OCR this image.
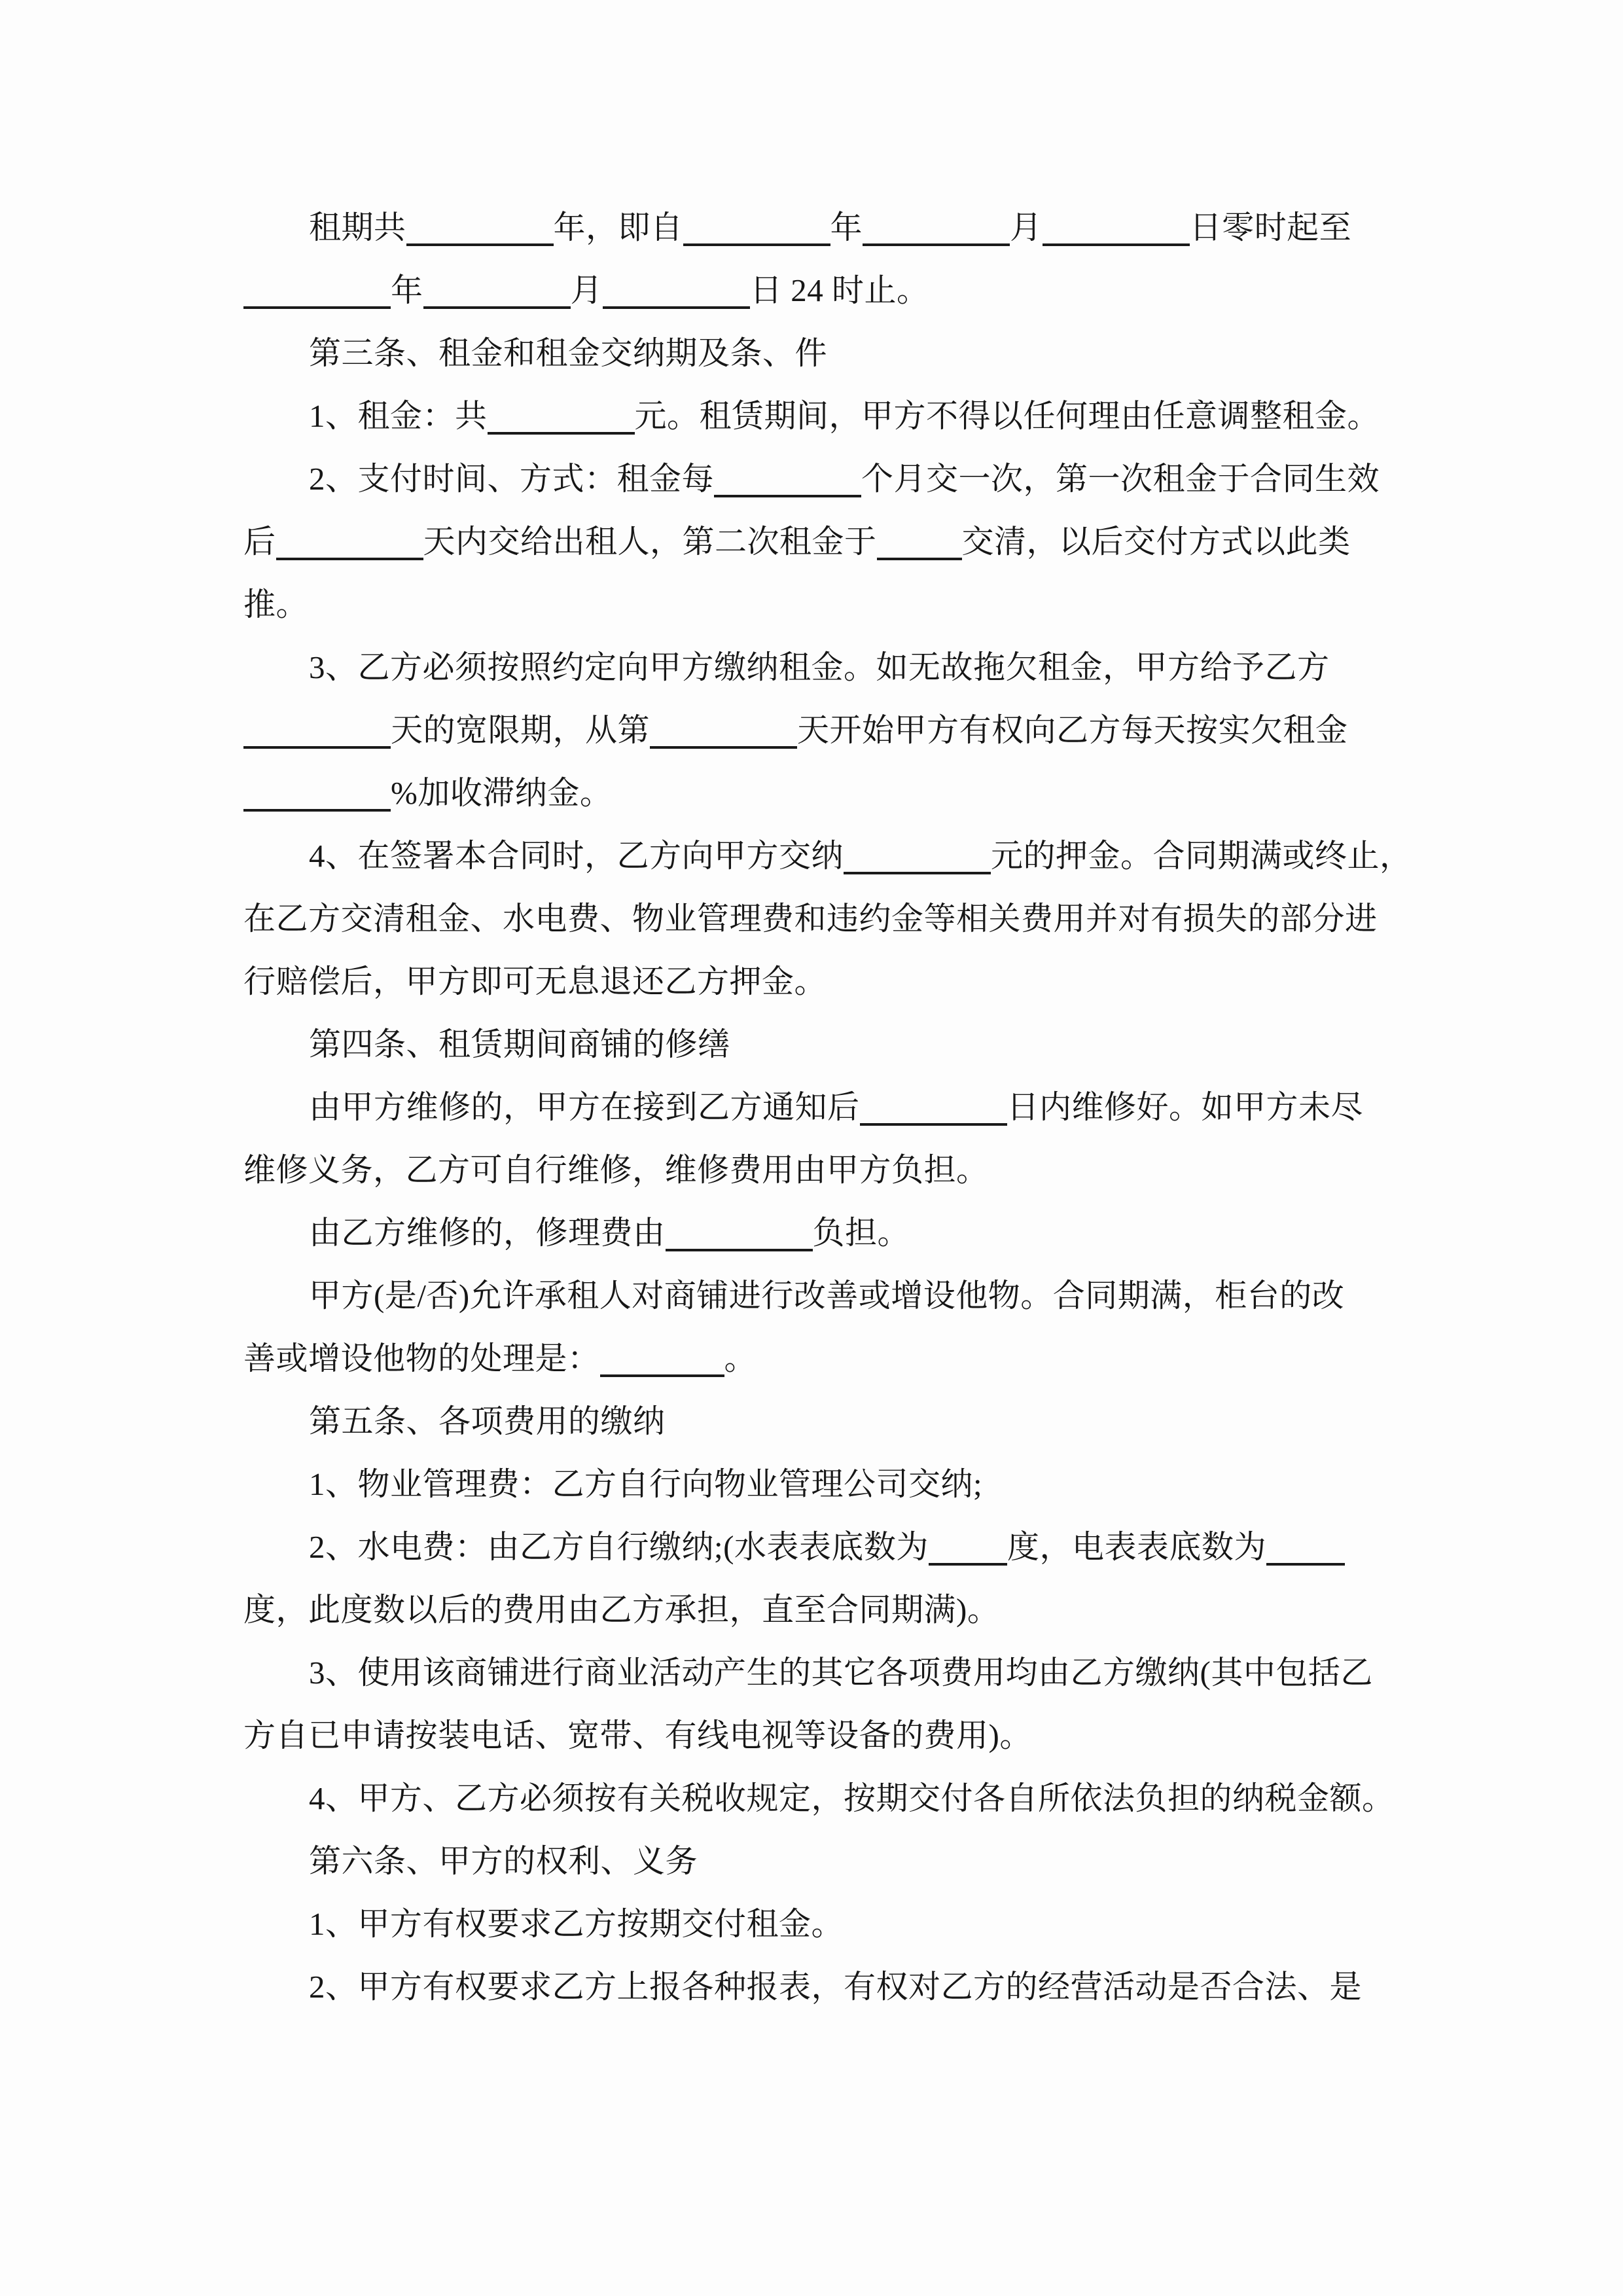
租期共	年，即自	年	月	日零时起至
年	月	日 24 时止。
第三条、租金和租金交纳期及条、件
1、租金：共	元。租赁期间，甲方不得以任何理由任意调整租金。
2、支付时间、方式：租金每	个月交一次，第一次租金于合同生效
后	天内交给出租人，第二次租金于	交清，以后交付方式以此类
推。
3、乙方必须按照约定向甲方缴纳租金。如无故拖欠租金，甲方给予乙方
天的宽限期，从第	天开始甲方有权向乙方每天按实欠租金
%加收滞纳金。
4、在签署本合同时，乙方向甲方交纳	元的押金。合同期满或终止，
在乙方交清租金、水电费、物业管理费和违约金等相关费用并对有损失的部分进
行赔偿后，甲方即可无息退还乙方押金。
第四条、租赁期间商铺的修缮
由甲方维修的，甲方在接到乙方通知后	日内维修好。如甲方未尽
维修义务，乙方可自行维修，维修费用由甲方负担。
由乙方维修的，修理费由	负担。
甲方(是/否)允许承租人对商铺进行改善或增设他物。合同期满，柜台的改
善或增设他物的处理是：	。
第五条、各项费用的缴纳
1、物业管理费：乙方自行向物业管理公司交纳;
2、水电费：由乙方自行缴纳;(水表表底数为 度，电表表底数为
度，此度数以后的费用由乙方承担，直至合同期满)。
3、使用该商铺进行商业活动产生的其它各项费用均由乙方缴纳(其中包括乙
方自已申请按装电话、宽带、有线电视等设备的费用)。
4、甲方、乙方必须按有关税收规定，按期交付各自所依法负担的纳税金额。
第六条、甲方的权利、义务
1、甲方有权要求乙方按期交付租金。
2、甲方有权要求乙方上报各种报表，有权对乙方的经营活动是否合法、是
